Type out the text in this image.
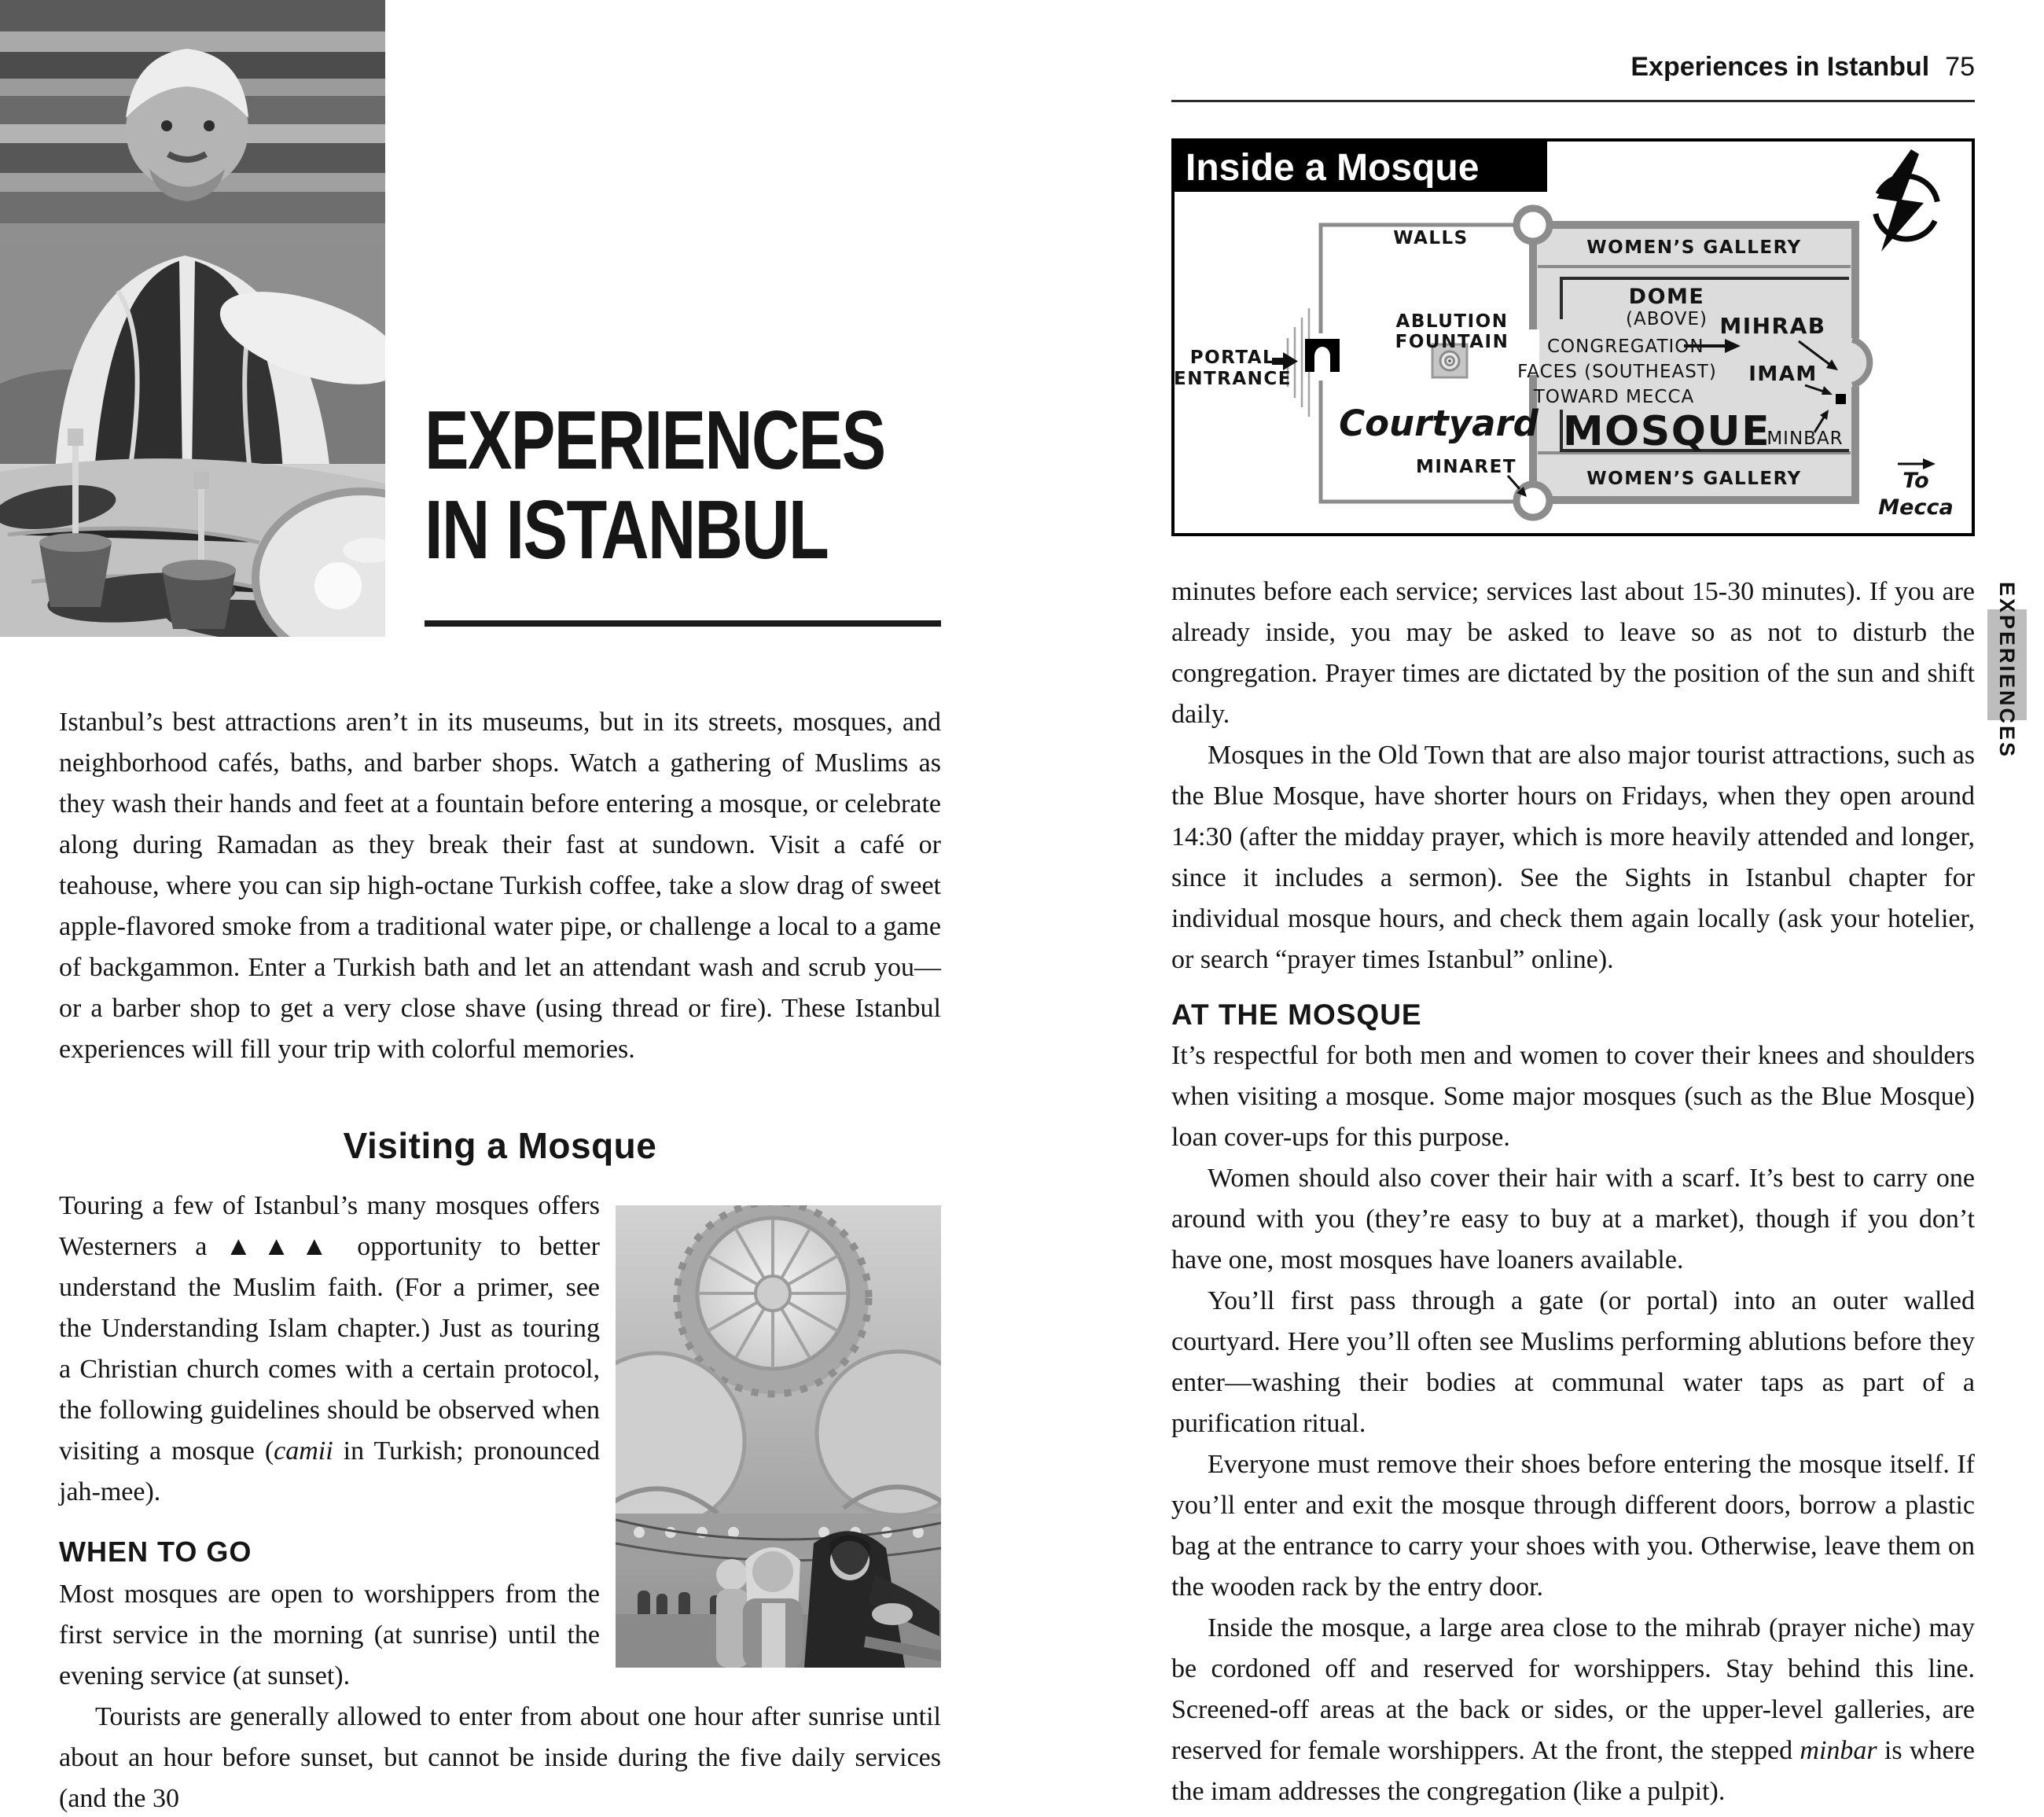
EXPERIENCES
IN ISTANBUL

Istanbul’s best attractions aren’t in its museums, but in its streets, mosques, and neighborhood cafés, baths, and barber shops. Watch a gathering of Muslims as they wash their hands and feet at a fountain before entering a mosque, or celebrate along during Ramadan as they break their fast at sundown. Visit a café or teahouse, where you can sip high-octane Turkish coffee, take a slow drag of sweet apple-flavored smoke from a traditional water pipe, or challenge a local to a game of backgammon. Enter a Turkish bath and let an attendant wash and scrub you—or a barber shop to get a very close shave (using thread or fire). These Istanbul experiences will fill your trip with colorful memories.

Visiting a Mosque

Touring a few of Istanbul’s many mosques offers Westerners a ▲▲▲ opportunity to better understand the Muslim faith. (For a primer, see the Understanding Islam chapter.) Just as touring a Christian church comes with a certain protocol, the following guidelines should be observed when visiting a mosque (camii in Turkish; pronounced jah-mee).

WHEN TO GO

Most mosques are open to worshippers from the first service in the morning (at sunrise) until the evening service (at sunset).

Tourists are generally allowed to enter from about one hour after sunrise until about an hour before sunset, but cannot be inside during the five daily services (and the 30

Experiences in Istanbul 75
Inside a Mosque
WALLS
PORTAL
ENTRANCE
ABLUTION
FOUNTAIN
Courtyard
MINARET
WOMEN’S GALLERY
WOMEN’S GALLERY
DOME
(ABOVE)
CONGREGATION
FACES (SOUTHEAST)
TOWARD MECCA
MIHRAB
IMAM
MOSQUE
MINBAR
To
Mecca

minutes before each service; services last about 15-30 minutes). If you are already inside, you may be asked to leave so as not to disturb the congregation. Prayer times are dictated by the position of the sun and shift daily.

Mosques in the Old Town that are also major tourist attractions, such as the Blue Mosque, have shorter hours on Fridays, when they open around 14:30 (after the midday prayer, which is more heavily attended and longer, since it includes a sermon). See the Sights in Istanbul chapter for individual mosque hours, and check them again locally (ask your hotelier, or search “prayer times Istanbul” online).

AT THE MOSQUE

It’s respectful for both men and women to cover their knees and shoulders when visiting a mosque. Some major mosques (such as the Blue Mosque) loan cover-ups for this purpose.

Women should also cover their hair with a scarf. It’s best to carry one around with you (they’re easy to buy at a market), though if you don’t have one, most mosques have loaners available.

You’ll first pass through a gate (or portal) into an outer walled courtyard. Here you’ll often see Muslims performing ablutions before they enter—washing their bodies at communal water taps as part of a purification ritual.

Everyone must remove their shoes before entering the mosque itself. If you’ll enter and exit the mosque through different doors, borrow a plastic bag at the entrance to carry your shoes with you. Otherwise, leave them on the wooden rack by the entry door.

Inside the mosque, a large area close to the mihrab (prayer niche) may be cordoned off and reserved for worshippers. Stay behind this line. Screened-off areas at the back or sides, or the upper-level galleries, are reserved for female worshippers. At the front, the stepped minbar is where the imam addresses the congregation (like a pulpit).

EXPERIENCES
